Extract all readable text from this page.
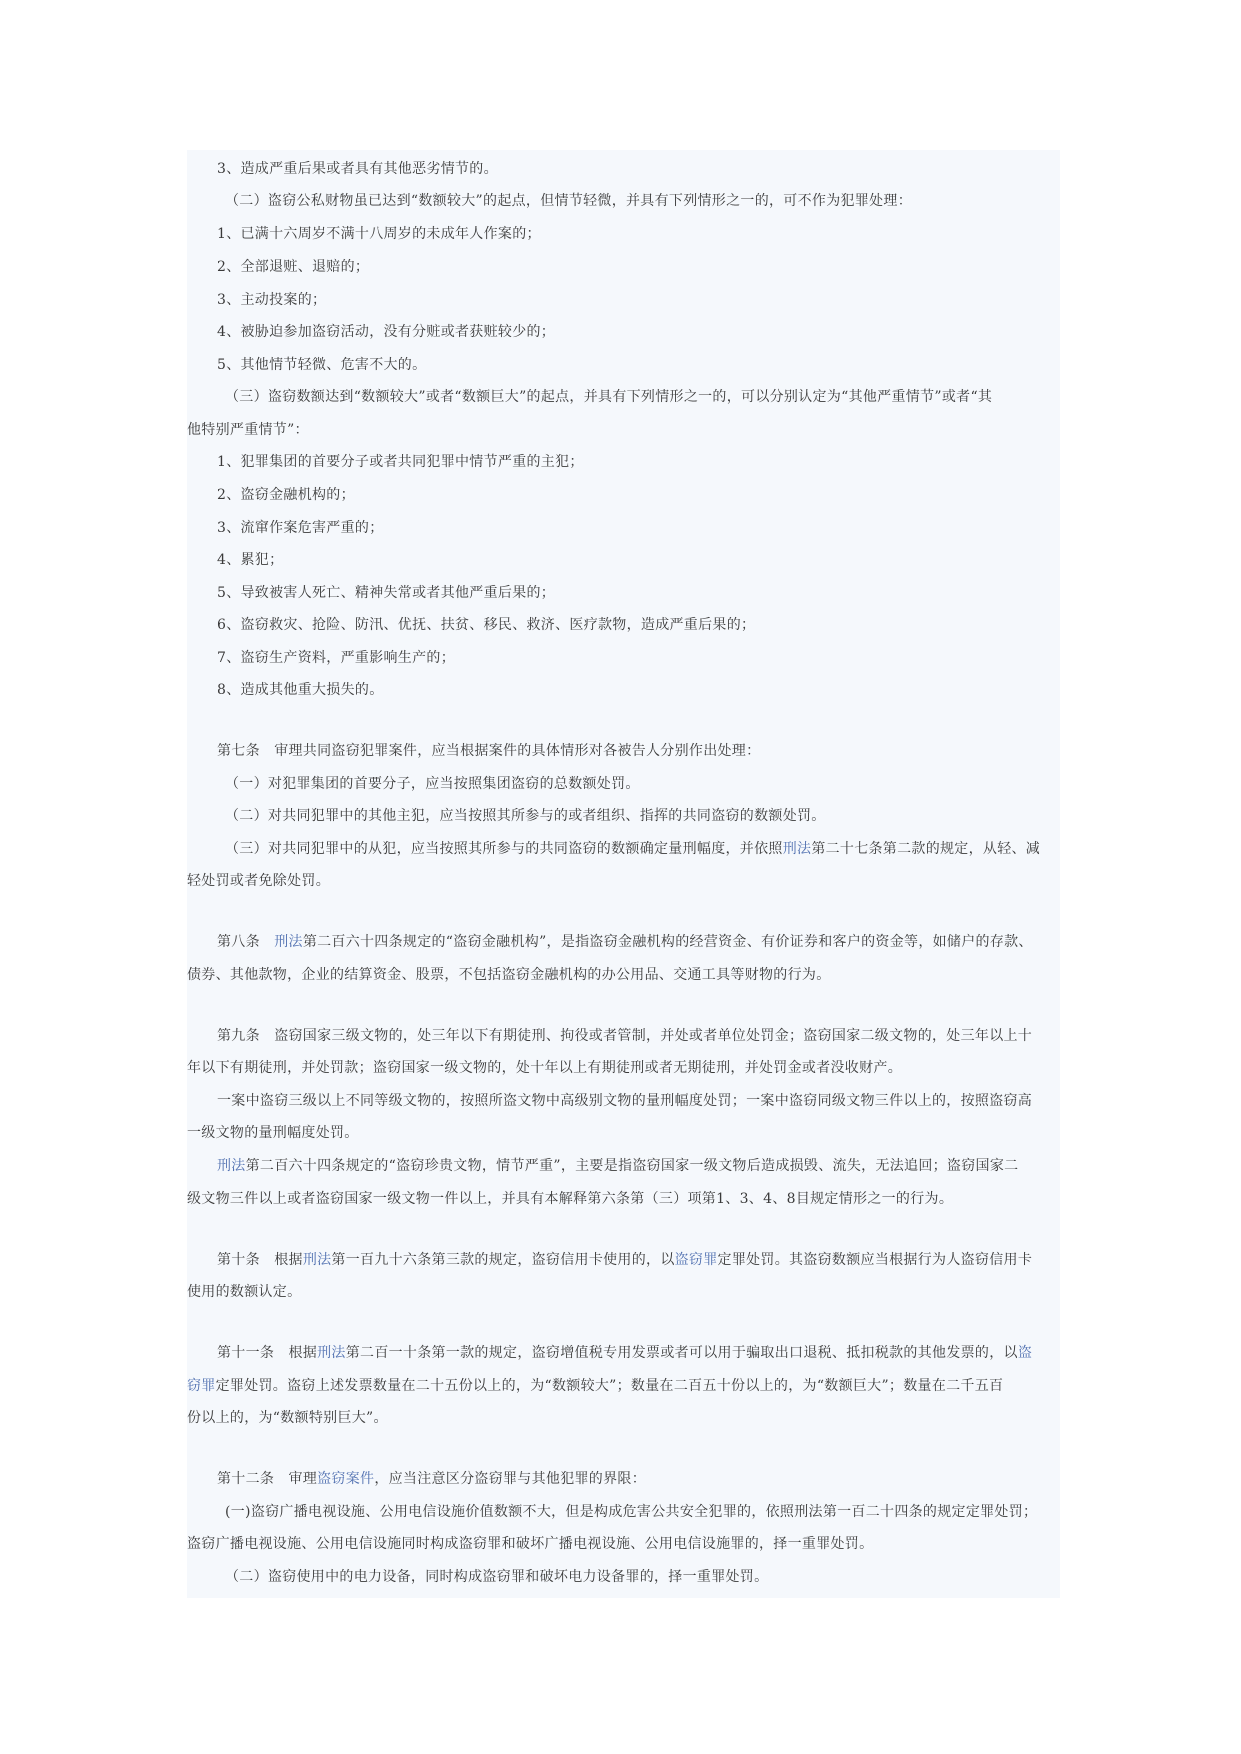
3、造成严重后果或者具有其他恶劣情节的。
（二）盗窃公私财物虽已达到“数额较大”的起点，但情节轻微，并具有下列情形之一的，可不作为犯罪处理：
1、已满十六周岁不满十八周岁的未成年人作案的；
2、全部退赃、退赔的；
3、主动投案的；
4、被胁迫参加盗窃活动，没有分赃或者获赃较少的；
5、其他情节轻微、危害不大的。
（三）盗窃数额达到“数额较大”或者“数额巨大”的起点，并具有下列情形之一的，可以分别认定为“其他严重情节”或者“其
他特别严重情节”：
1、犯罪集团的首要分子或者共同犯罪中情节严重的主犯；
2、盗窃金融机构的；
3、流窜作案危害严重的；
4、累犯；
5、导致被害人死亡、精神失常或者其他严重后果的；
6、盗窃救灾、抢险、防汛、优抚、扶贫、移民、救济、医疗款物，造成严重后果的；
7、盗窃生产资料，严重影响生产的；
8、造成其他重大损失的。
第七条　审理共同盗窃犯罪案件，应当根据案件的具体情形对各被告人分别作出处理：
（一）对犯罪集团的首要分子，应当按照集团盗窃的总数额处罚。
（二）对共同犯罪中的其他主犯，应当按照其所参与的或者组织、指挥的共同盗窃的数额处罚。
（三）对共同犯罪中的从犯，应当按照其所参与的共同盗窃的数额确定量刑幅度，并依照刑法第二十七条第二款的规定，从轻、减
轻处罚或者免除处罚。
第八条　刑法第二百六十四条规定的“盗窃金融机构”，是指盗窃金融机构的经营资金、有价证券和客户的资金等，如储户的存款、
债券、其他款物，企业的结算资金、股票，不包括盗窃金融机构的办公用品、交通工具等财物的行为。
第九条　盗窃国家三级文物的，处三年以下有期徒刑、拘役或者管制，并处或者单位处罚金；盗窃国家二级文物的，处三年以上十
年以下有期徒刑，并处罚款；盗窃国家一级文物的，处十年以上有期徒刑或者无期徒刑，并处罚金或者没收财产。
一案中盗窃三级以上不同等级文物的，按照所盗文物中高级别文物的量刑幅度处罚；一案中盗窃同级文物三件以上的，按照盗窃高
一级文物的量刑幅度处罚。
刑法第二百六十四条规定的“盗窃珍贵文物，情节严重”，主要是指盗窃国家一级文物后造成损毁、流失，无法追回；盗窃国家二
级文物三件以上或者盗窃国家一级文物一件以上，并具有本解释第六条第（三）项第1、3、4、8目规定情形之一的行为。
第十条　根据刑法第一百九十六条第三款的规定，盗窃信用卡使用的，以盗窃罪定罪处罚。其盗窃数额应当根据行为人盗窃信用卡
使用的数额认定。
第十一条　根据刑法第二百一十条第一款的规定，盗窃增值税专用发票或者可以用于骗取出口退税、抵扣税款的其他发票的，以盗
窃罪定罪处罚。盗窃上述发票数量在二十五份以上的，为“数额较大”；数量在二百五十份以上的，为“数额巨大”；数量在二千五百
份以上的，为“数额特别巨大”。
第十二条　审理盗窃案件，应当注意区分盗窃罪与其他犯罪的界限：
(一)盗窃广播电视设施、公用电信设施价值数额不大，但是构成危害公共安全犯罪的，依照刑法第一百二十四条的规定定罪处罚；
盗窃广播电视设施、公用电信设施同时构成盗窃罪和破坏广播电视设施、公用电信设施罪的，择一重罪处罚。
（二）盗窃使用中的电力设备，同时构成盗窃罪和破坏电力设备罪的，择一重罪处罚。
